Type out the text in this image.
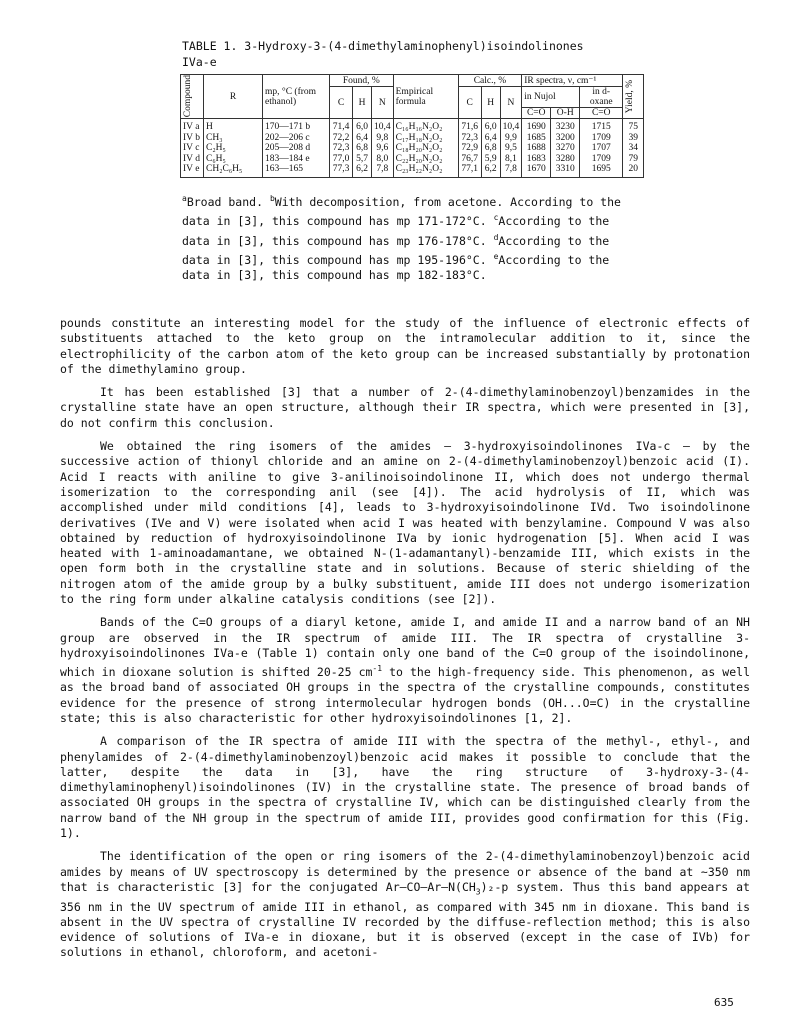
TABLE 1. 3-Hydroxy-3-(4-dimethylaminophenyl)isoindolinones
IVa-e
Compound	R	mp, °C (from ethanol)	Found, %			Empirical formula	Calc., %			IR spectra, ν, cm⁻¹			Yield, %

			C	H	N		C	H	N	in Nujol		in d-oxane	
										C=O	O-H	C=O	
IV a	H	170—171 b	71,4	6,0	10,4	C₁₆H₁₆N₂O₂	71,6	6,0	10,4	1690	3230	1715	75
IV b	CH₃	202—206 c	72,2	6,4	9,8	C₁₇H₁₈N₂O₂	72,3	6,4	9,9	1685	3200	1709	39
IV c	C₂H₅	205—208 d	72,3	6,8	9,6	C₁₈H₂₀N₂O₂	72,9	6,8	9,5	1688	3270	1707	34
IV d	C₆H₅	183—184 e	77,0	5,7	8,0	C₂₂H₂₀N₂O₂	76,7	5,9	8,1	1683	3280	1709	79
IV e	CH₂C₆H₅	163—165	77,3	6,2	7,8	C₂₃H₂₂N₂O₂	77,1	6,2	7,8	1670	3310	1695	20
$^a$Broad band. $^b$With decomposition, from acetone. According to the data in [3], this compound has mp 171-172°C. $^c$According to the data in [3], this compound has mp 176-178°C. $^d$According to the data in [3], this compound has mp 195-196°C. $^e$According to the data in [3], this compound has mp 182-183°C.

pounds constitute an interesting model for the study of the influence of electronic effects of substituents attached to the keto group on the intramolecular addition to it, since the electrophilicity of the carbon atom of the keto group can be increased substantially by protonation of the dimethylamino group.

It has been established [3] that a number of 2-(4-dimethylaminobenzoyl)benzamides in the crystalline state have an open structure, although their IR spectra, which were presented in [3], do not confirm this conclusion.

We obtained the ring isomers of the amides — 3-hydroxyisoindolinones IVa-c — by the successive action of thionyl chloride and an amine on 2-(4-dimethylaminobenzoyl)benzoic acid (I). Acid I reacts with aniline to give 3-anilinoisoindolinone II, which does not undergo thermal isomerization to the corresponding anil (see [4]). The acid hydrolysis of II, which was accomplished under mild conditions [4], leads to 3-hydroxyisoindolinone IVd. Two isoindolinone derivatives (IVe and V) were isolated when acid I was heated with benzylamine. Compound V was also obtained by reduction of hydroxyisoindolinone IVa by ionic hydrogenation [5]. When acid I was heated with 1-aminoadamantane, we obtained N-(1-adamantanyl)-benzamide III, which exists in the open form both in the crystalline state and in solutions. Because of steric shielding of the nitrogen atom of the amide group by a bulky substituent, amide III does not undergo isomerization to the ring form under alkaline catalysis conditions (see [2]).

Bands of the C=O groups of a diaryl ketone, amide I, and amide II and a narrow band of an NH group are observed in the IR spectrum of amide III. The IR spectra of crystalline 3-hydroxyisoindolinones IVa-e (Table 1) contain only one band of the C=O group of the isoindolinone, which in dioxane solution is shifted 20-25 $cm^{-1}$ to the high-frequency side. This phenomenon, as well as the broad band of associated OH groups in the spectra of the crystalline compounds, constitutes evidence for the presence of strong intermolecular hydrogen bonds (OH...O=C) in the crystalline state; this is also characteristic for other hydroxyisoindolinones [1, 2].

A comparison of the IR spectra of amide III with the spectra of the methyl-, ethyl-, and phenylamides of 2-(4-dimethylaminobenzoyl)benzoic acid makes it possible to conclude that the latter, despite the data in [3], have the ring structure of 3-hydroxy-3-(4-dimethylaminophenyl)isoindolinones (IV) in the crystalline state. The presence of broad bands of associated OH groups in the spectra of crystalline IV, which can be distinguished clearly from the narrow band of the NH group in the spectrum of amide III, provides good confirmation for this (Fig. 1).

The identification of the open or ring isomers of the 2-(4-dimethylaminobenzoyl)benzoic acid amides by means of UV spectroscopy is determined by the presence or absence of the band at ~350 nm that is characteristic [3] for the conjugated $Ar—CO—Ar—N(CH_3)_2-p$ system. Thus this band appears at 356 nm in the UV spectrum of amide III in ethanol, as compared with 345 nm in dioxane. This band is absent in the UV spectra of crystalline IV recorded by the diffuse-reflection method; this is also evidence of solutions of IVa-e in dioxane, but it is observed (except in the case of IVb) for solutions in ethanol, chloroform, and acetoni-

635
